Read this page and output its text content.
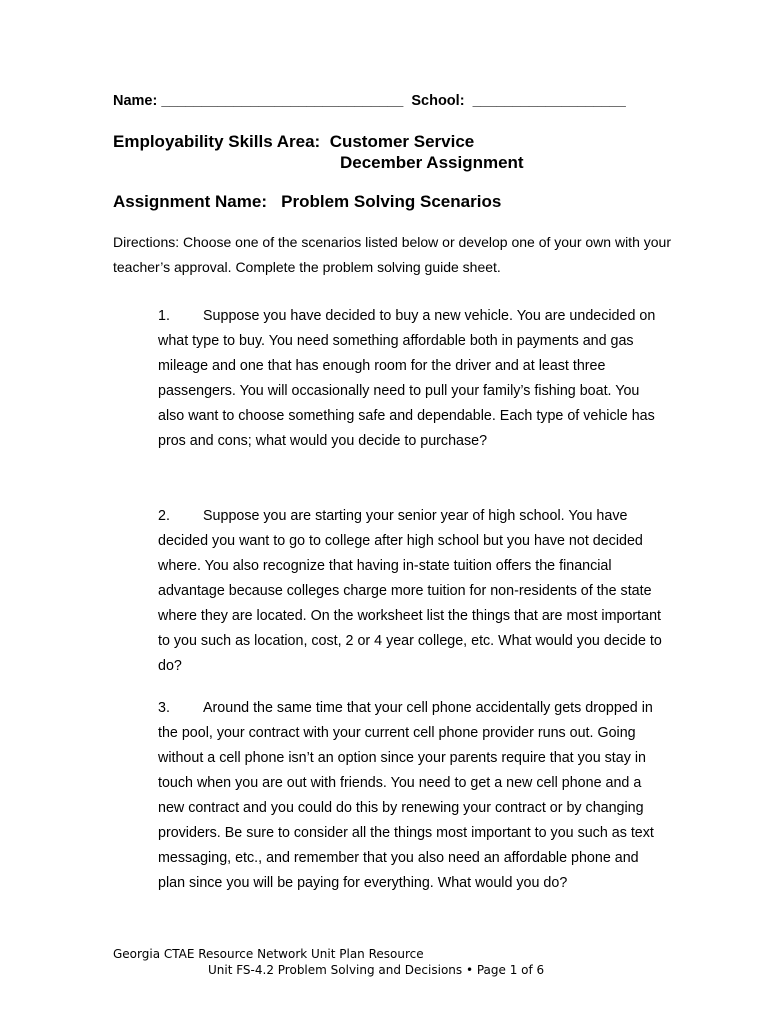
Name: ______________________________ School: ___________________
Employability Skills Area: Customer Service
December Assignment
Assignment Name: Problem Solving Scenarios
Directions: Choose one of the scenarios listed below or develop one of your own with your teacher’s approval. Complete the problem solving guide sheet.
1. Suppose you have decided to buy a new vehicle. You are undecided on what type to buy. You need something affordable both in payments and gas mileage and one that has enough room for the driver and at least three passengers. You will occasionally need to pull your family’s fishing boat. You also want to choose something safe and dependable. Each type of vehicle has pros and cons; what would you decide to purchase?
2. Suppose you are starting your senior year of high school. You have decided you want to go to college after high school but you have not decided where. You also recognize that having in-state tuition offers the financial advantage because colleges charge more tuition for non-residents of the state where they are located. On the worksheet list the things that are most important to you such as location, cost, 2 or 4 year college, etc. What would you decide to do?
3. Around the same time that your cell phone accidentally gets dropped in the pool, your contract with your current cell phone provider runs out. Going without a cell phone isn’t an option since your parents require that you stay in touch when you are out with friends. You need to get a new cell phone and a new contract and you could do this by renewing your contract or by changing providers. Be sure to consider all the things most important to you such as text messaging, etc., and remember that you also need an affordable phone and plan since you will be paying for everything. What would you do?
Georgia CTAE Resource Network Unit Plan Resource
Unit FS-4.2 Problem Solving and Decisions • Page 1 of 6
